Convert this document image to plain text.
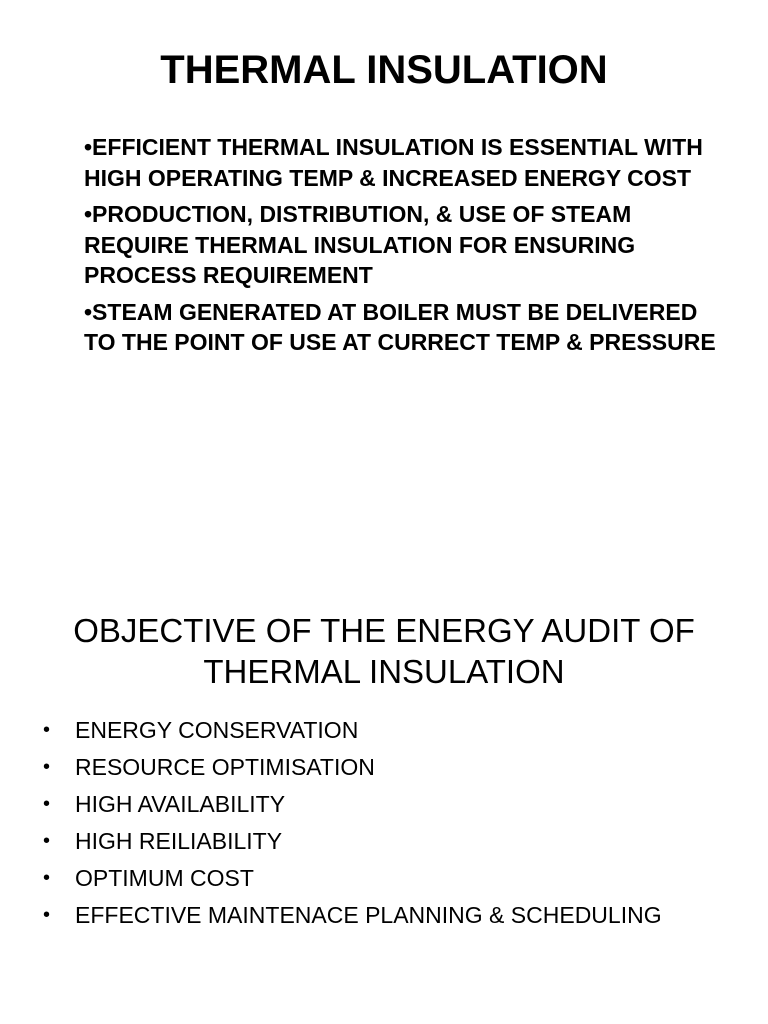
THERMAL INSULATION
•EFFICIENT THERMAL INSULATION IS ESSENTIAL WITH HIGH OPERATING TEMP & INCREASED ENERGY COST
•PRODUCTION, DISTRIBUTION, & USE OF STEAM REQUIRE THERMAL INSULATION FOR ENSURING PROCESS REQUIREMENT
•STEAM GENERATED AT BOILER MUST BE DELIVERED TO THE POINT OF USE AT CURRECT TEMP & PRESSURE
OBJECTIVE OF THE ENERGY AUDIT OF
THERMAL INSULATION
• ENERGY CONSERVATION
• RESOURCE OPTIMISATION
• HIGH AVAILABILITY
• HIGH REILIABILITY
• OPTIMUM COST
• EFFECTIVE MAINTENACE PLANNING & SCHEDULING
